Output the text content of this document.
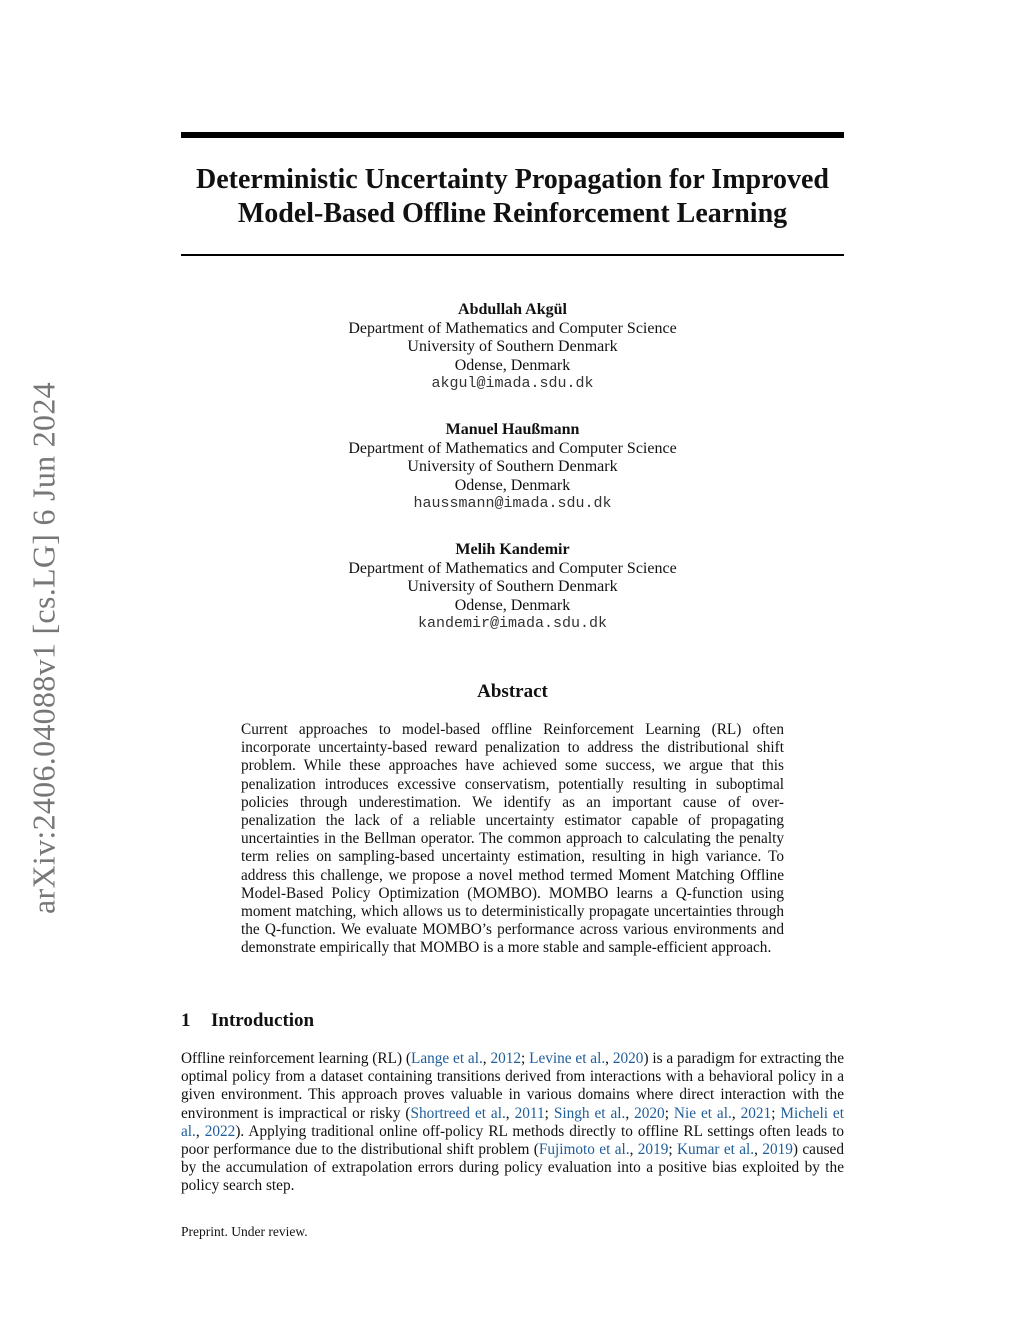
arXiv:2406.04088v1 [cs.LG] 6 Jun 2024
Deterministic Uncertainty Propagation for Improved
Model-Based Offline Reinforcement Learning
Abdullah Akgül
Department of Mathematics and Computer Science
University of Southern Denmark
Odense, Denmark
akgul@imada.sdu.dk
Manuel Haußmann
Department of Mathematics and Computer Science
University of Southern Denmark
Odense, Denmark
haussmann@imada.sdu.dk
Melih Kandemir
Department of Mathematics and Computer Science
University of Southern Denmark
Odense, Denmark
kandemir@imada.sdu.dk
Abstract

Current approaches to model-based offline Reinforcement Learning (RL) often incorporate uncertainty-based reward penalization to address the distributional shift problem. While these approaches have achieved some success, we argue that this penalization introduces excessive conservatism, potentially resulting in suboptimal policies through underestimation. We identify as an important cause of over-penalization the lack of a reliable uncertainty estimator capable of propagating uncertainties in the Bellman operator. The common approach to calculating the penalty term relies on sampling-based uncertainty estimation, resulting in high variance. To address this challenge, we propose a novel method termed Moment Matching Offline Model-Based Policy Optimization (MOMBO). MOMBO learns a Q-function using moment matching, which allows us to deterministically propagate uncertainties through the Q-function. We evaluate MOMBO’s performance across various environments and demonstrate empirically that MOMBO is a more stable and sample-efficient approach.

1 Introduction

Offline reinforcement learning (RL) (Lange et al., 2012; Levine et al., 2020) is a paradigm for extracting the optimal policy from a dataset containing transitions derived from interactions with a behavioral policy in a given environment. This approach proves valuable in various domains where direct interaction with the environment is impractical or risky (Shortreed et al., 2011; Singh et al., 2020; Nie et al., 2021; Micheli et al., 2022). Applying traditional online off-policy RL methods directly to offline RL settings often leads to poor performance due to the distributional shift problem (Fujimoto et al., 2019; Kumar et al., 2019) caused by the accumulation of extrapolation errors during policy evaluation into a positive bias exploited by the policy search step.

Preprint. Under review.
